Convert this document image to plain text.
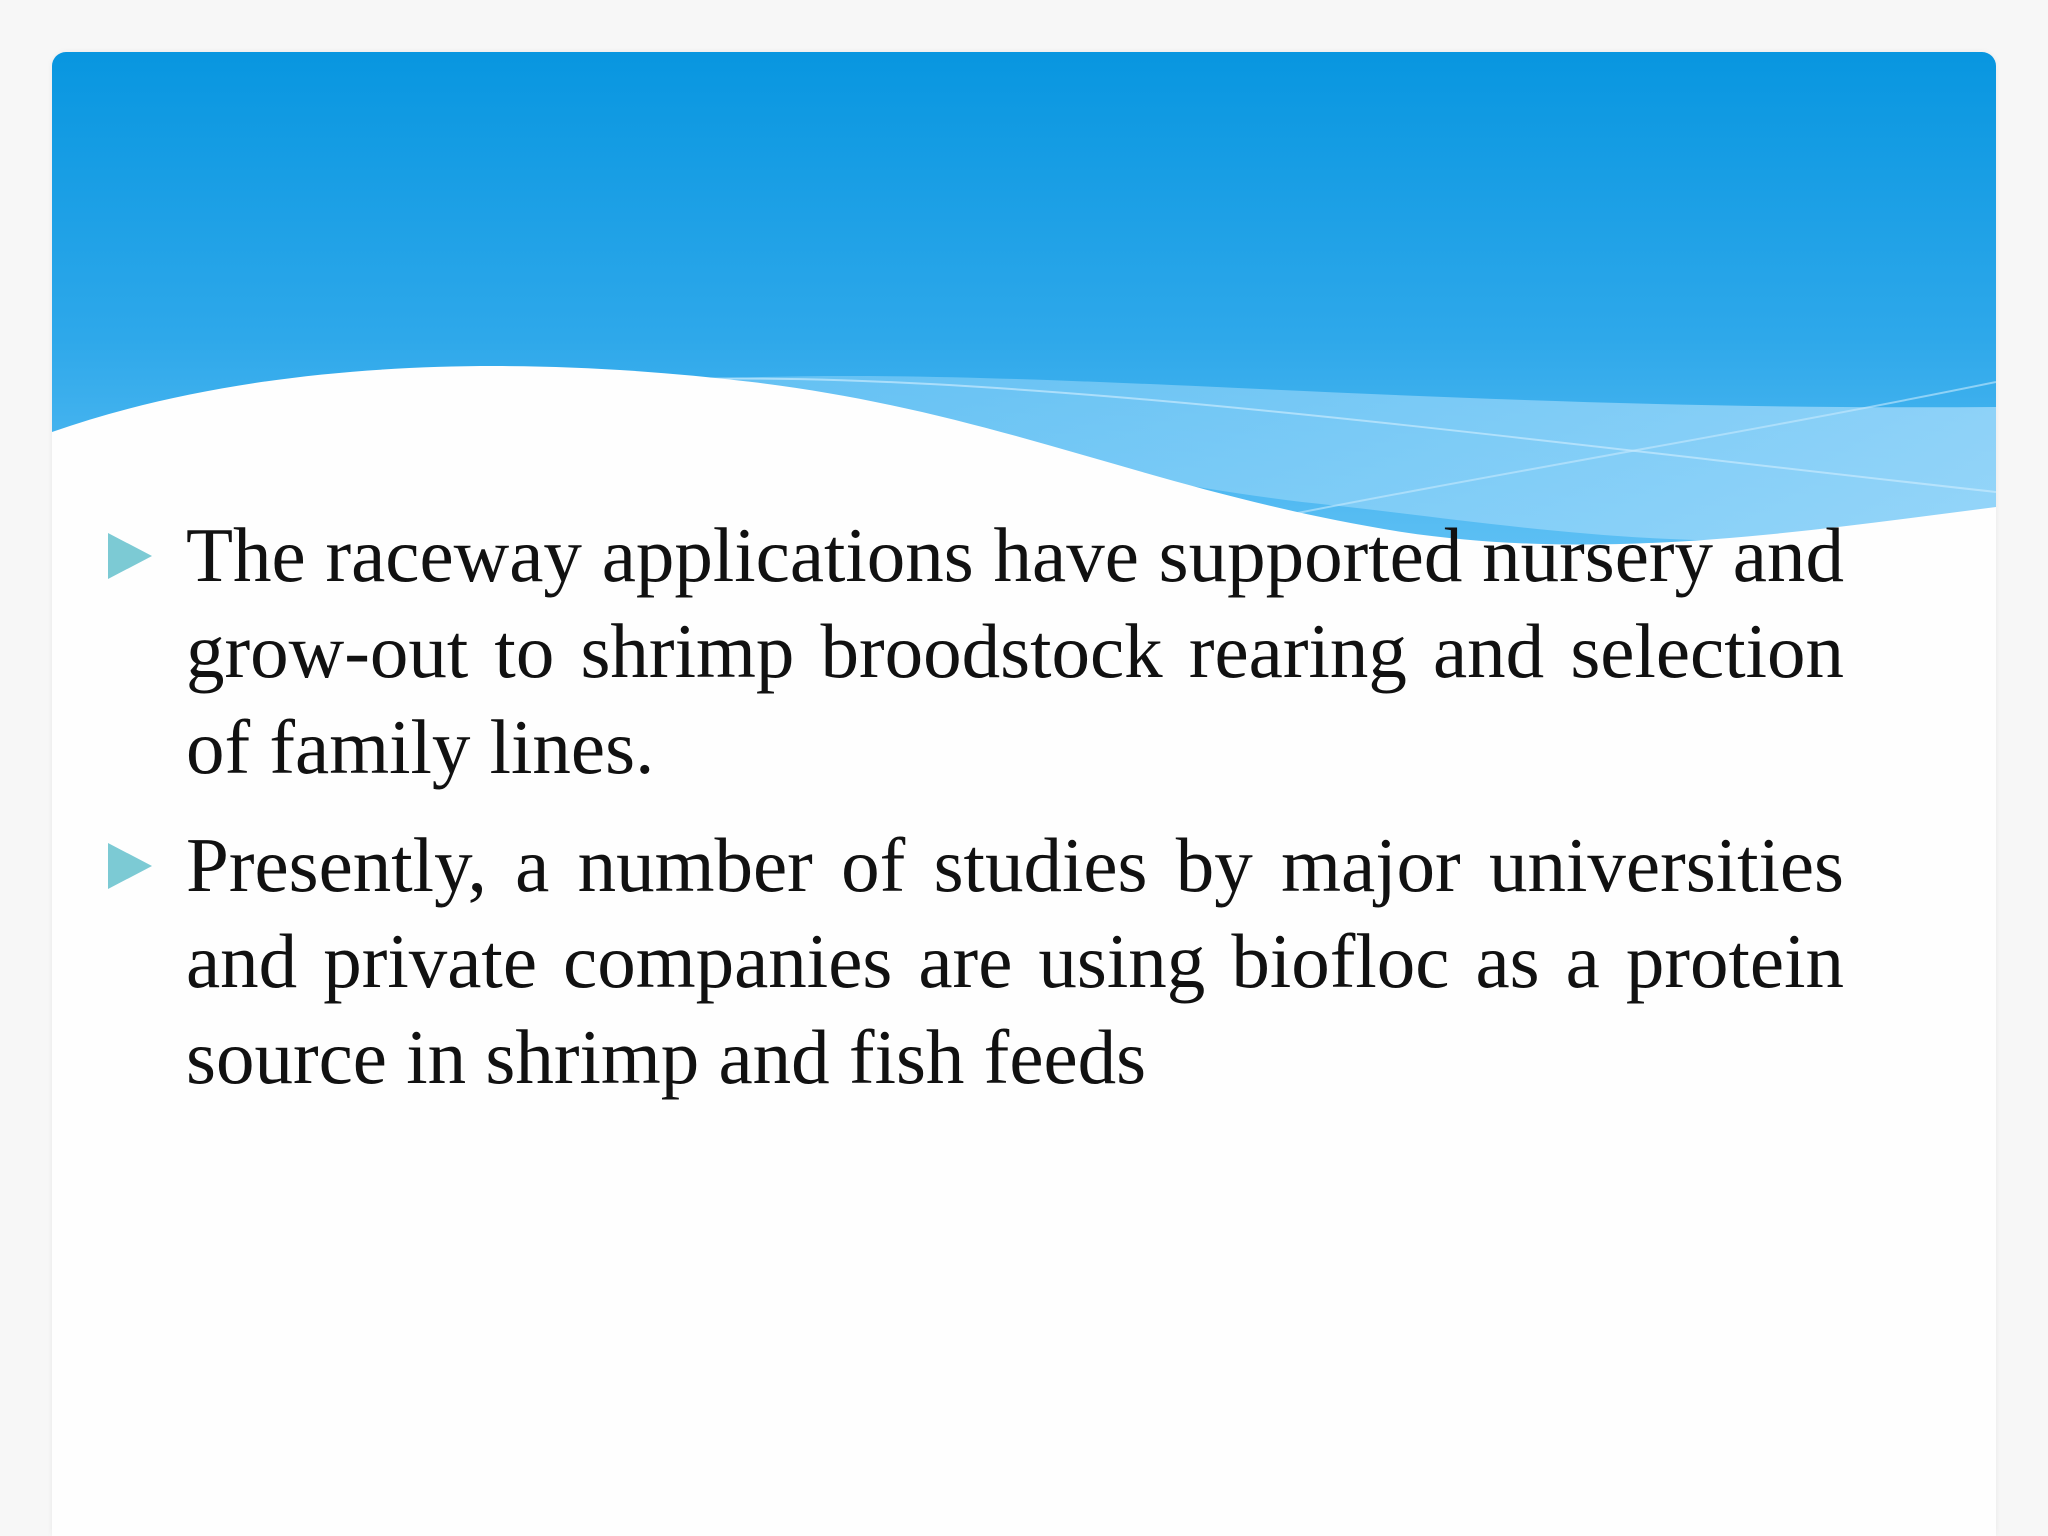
The raceway applications have supported nursery and grow-out to shrimp broodstock rearing and selection of family lines.
Presently, a number of studies by major universities and private companies are using biofloc as a protein source in shrimp and fish feeds
